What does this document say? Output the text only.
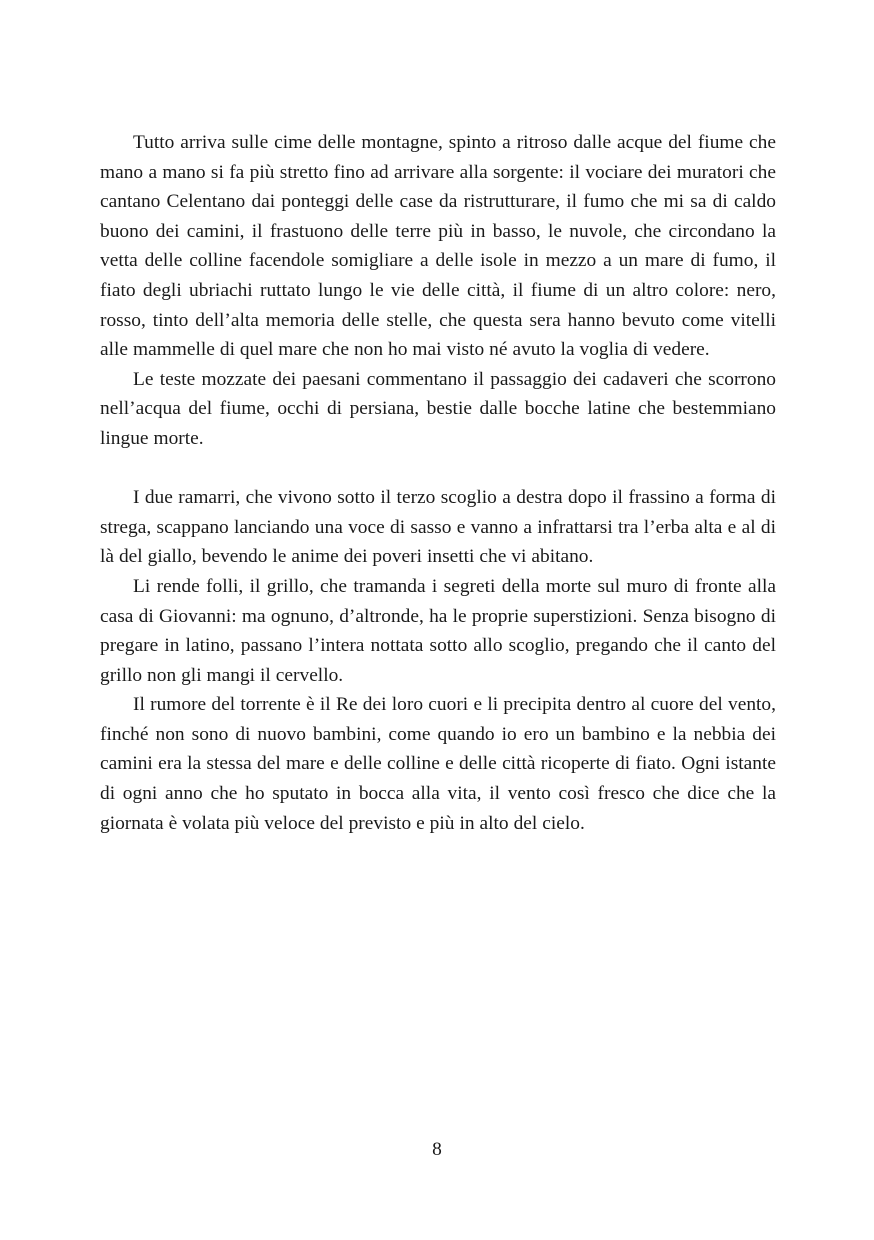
Tutto arriva sulle cime delle montagne, spinto a ritroso dalle acque del fiume che mano a mano si fa più stretto fino ad arrivare alla sorgente: il vociare dei muratori che cantano Celentano dai ponteggi delle case da ristrutturare, il fumo che mi sa di caldo buono dei camini, il frastuono delle terre più in basso, le nuvole, che circondano la vetta delle colline facendole somigliare a delle isole in mezzo a un mare di fumo, il fiato degli ubriachi ruttato lungo le vie delle città, il fiume di un altro colore: nero, rosso, tinto dell’alta memoria delle stelle, che questa sera hanno bevuto come vitelli alle mammelle di quel mare che non ho mai visto né avuto la voglia di vedere.

Le teste mozzate dei paesani commentano il passaggio dei cadaveri che scorrono nell’acqua del fiume, occhi di persiana, bestie dalle bocche latine che bestemmiano lingue morte.

I due ramarri, che vivono sotto il terzo scoglio a destra dopo il frassino a forma di strega, scappano lanciando una voce di sasso e vanno a infrattarsi tra l’erba alta e al di là del giallo, bevendo le anime dei poveri insetti che vi abitano.

Li rende folli, il grillo, che tramanda i segreti della morte sul muro di fronte alla casa di Giovanni: ma ognuno, d’altronde, ha le proprie superstizioni. Senza bisogno di pregare in latino, passano l’intera nottata sotto allo scoglio, pregando che il canto del grillo non gli mangi il cervello.

Il rumore del torrente è il Re dei loro cuori e li precipita dentro al cuore del vento, finché non sono di nuovo bambini, come quando io ero un bambino e la nebbia dei camini era la stessa del mare e delle colline e delle città ricoperte di fiato. Ogni istante di ogni anno che ho sputato in bocca alla vita, il vento così fresco che dice che la giornata è volata più veloce del previsto e più in alto del cielo.

8
